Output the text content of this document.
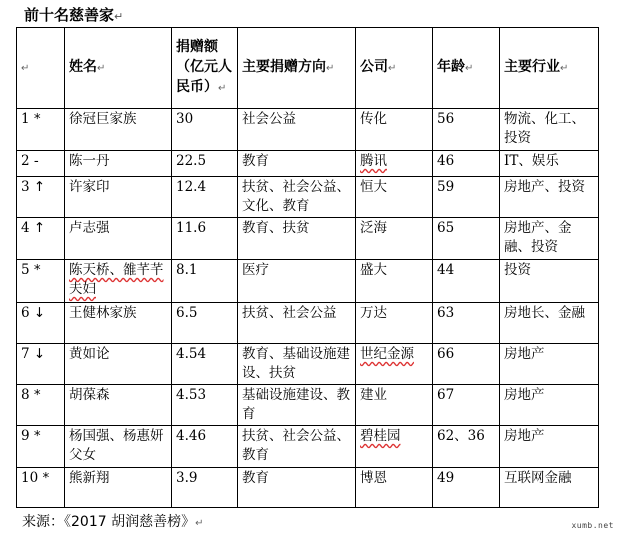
前十名慈善家 ↵
↵	姓名 ↵	捐赠额（亿元人民币） ↵	主要捐赠方向 ↵	公司 ↵	年龄 ↵	主要行业 ↵
1 *	徐冠巨家族	30	社会公益	传化	56	物流、化工、投资
2 -	陈一丹	22.5	教育	腾讯	46	IT、娱乐
3 ↑	许家印	12.4	扶贫、社会公益、文化、教育	恒大	59	房地产、投资
4 ↑	卢志强	11.6	教育、扶贫	泛海	65	房地产、金融、投资
5 *	陈天桥、雒芊芊夫妇	8.1	医疗	盛大	44	投资
6 ↓	王健林家族	6.5	扶贫、社会公益	万达	63	房地长、金融
7 ↓	黄如论	4.54	教育、基础设施建设、扶贫	世纪金源	66	房地产
8 *	胡葆森	4.53	基础设施建设、教育	建业	67	房地产
9 *	杨国强、杨惠妍父女	4.46	扶贫、社会公益、教育	碧桂园	62、36	房地产
10 *	熊新翔	3.9	教育	博恩	49	互联网金融
来源：《2017 胡润慈善榜》 ↵	xumb.net
